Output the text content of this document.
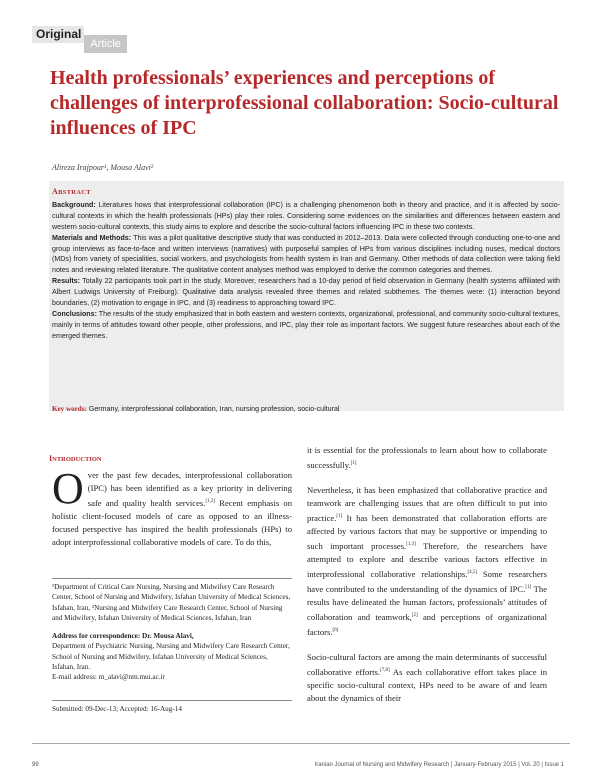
Original
Article
Health professionals’ experiences and perceptions of challenges of interprofessional collaboration: Socio-cultural influences of IPC
Alireza Irajpour¹, Mousa Alavi²
ABSTRACT

Background: Literatures hows that interprofessional collaboration (IPC) is a challenging phenomenon both in theory and practice, and it is affected by socio-cultural contexts in which the health professionals (HPs) play their roles. Considering some evidences on the similarities and differences between eastern and western socio-cultural contexts, this study aims to explore and describe the socio-cultural factors influencing IPC in these two contexts.

Materials and Methods: This was a pilot qualitative descriptive study that was conducted in 2012–2013. Data were collected through conducting one-to-one and group interviews as face-to-face and written interviews (narratives) with purposeful samples of HPs from various disciplines including nuses, medical doctors (MDs) from variety of specialities, social workers, and psychologists from health system in Iran and Germany. Other methods of data collection were taking field notes and reviewing related literature. The qualitative content analyses method was employed to derive the common categories and themes.

Results: Totally 22 participants took part in the study. Moreover, researchers had a 10-day period of field observation in Germany (health systems affiliated with Albert Ludwigs University of Freiburg). Qualitative data analysis revealed three themes and related subthemes. The themes were: (1) interaction beyond boundaries, (2) motivation to engage in IPC, and (3) readiness to approaching toward IPC.

Conclusions: The results of the study emphasized that in both eastern and western contexts, organizational, professional, and community socio-cultural textures, mainly in terms of attitudes toward other people, other professions, and IPC, play their role as important factors. We suggest future researches about each of the emerged themes.

Key words: Germany, interprofessional collaboration, Iran, nursing profession, socio-cultural
INTRODUCTION
Over the past few decades, interprofessional collaboration (IPC) has been identified as a key priority in delivering safe and quality health services.[1,2] Recent emphasis on holistic client-focused models of care as opposed to an illness-focused perspective has inspired the health professionals (HPs) to adopt interprofessional collaborative models of care. To do this,

¹Department of Critical Care Nursing, Nursing and Midwifery Care Research Center, School of Nursing and Midwifery, Isfahan University of Medical Sciences, Isfahan, Iran, ²Nursing and Midwifery Care Research Center, School of Nursing and Midwifery, Isfahan University of Medical Sciences, Isfahan, Iran

Address for correspondence: Dr. Mousa Alavi,
Department of Psychiatric Nursing, Nursing and Midwifery Care Research Center, School of Nursing and Midwifery, Isfahan University of Medical Sciences, Isfahan, Iran.
E-mail address: m_alavi@nm.mui.ac.ir

Submitted: 09-Dec-13; Accepted: 16-Aug-14

it is essential for the professionals to learn about how to collaborate successfully.[1]

Nevertheless, it has been emphasized that collaborative practice and teamwork are challenging issues that are often difficult to put into practice.[1] It has been demonstrated that collaboration efforts are affected by various factors that may be supportive or impending to such important processes.[1,3] Therefore, the researchers have attempted to explore and describe various factors effective in interprofessional collaborative relationships.[4,5] Some researchers have contributed to the understanding of the dynamics of IPC.[1] The results have delineated the human factors, professionals’ attitudes of collaboration and teamwork,[2] and perceptions of organizational factors.[6]

Socio-cultural factors are among the main determinants of successful collaborative efforts.[7,8] As each collaborative effort takes place in specific socio-cultural context, HPs need to be aware of and learn about the dynamics of their

99	Iranian Journal of Nursing and Midwifery Research | January-February 2015 | Vol. 20 | Issue 1
